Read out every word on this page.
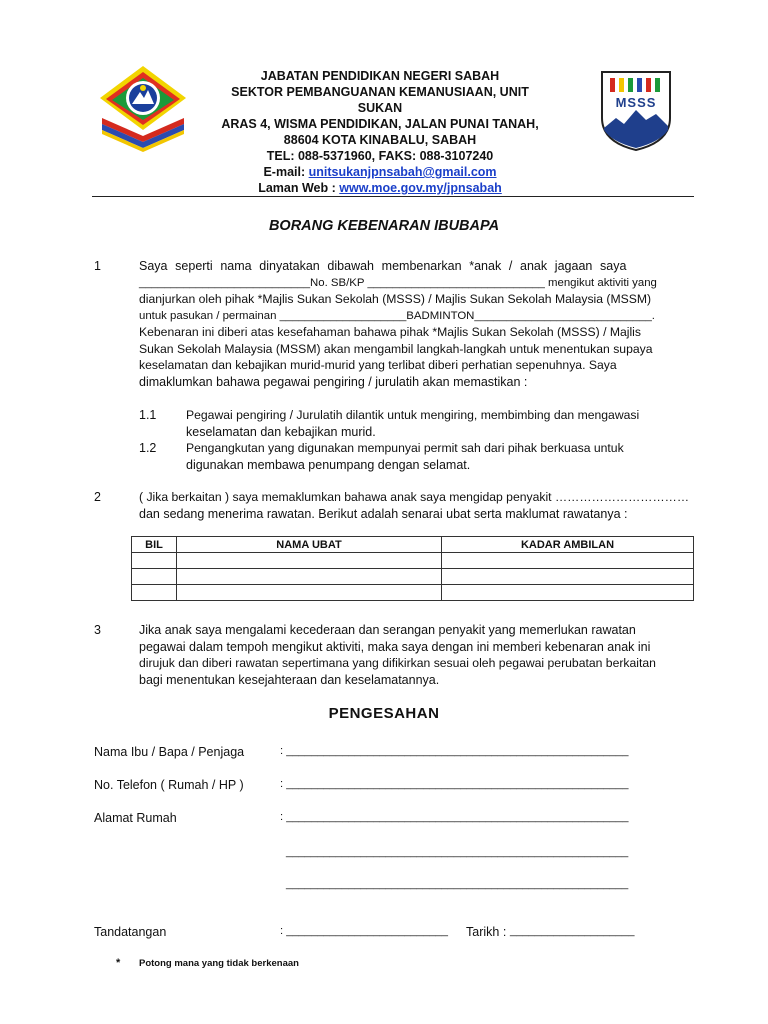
MSSS
JABATAN PENDIDIKAN NEGERI SABAH
SEKTOR PEMBANGUANAN KEMANUSIAAN, UNIT SUKAN
ARAS 4, WISMA PENDIDIKAN, JALAN PUNAI TANAH,
88604 KOTA KINABALU, SABAH
TEL: 088-5371960, FAKS: 088-3107240
E-mail: unitsukanjpnsabah@gmail.com
Laman Web : www.moe.gov.my/jpnsabah
BORANG KEBENARAN IBUBAPA
1	Saya seperti nama dinyatakan dibawah membenarkan *anak / anak jagaan saya
___________________________No. SB/KP ____________________________ mengikut aktiviti yang
dianjurkan oleh pihak *Majlis Sukan Sekolah (MSSS) / Majlis Sukan Sekolah Malaysia (MSSM)
untuk pasukan / permainan ____________________BADMINTON____________________________.
Kebenaran ini diberi atas kesefahaman bahawa pihak *Majlis Sukan Sekolah (MSSS) / Majlis
Sukan Sekolah Malaysia (MSSM) akan mengambil langkah-langkah untuk menentukan supaya
keselamatan dan kebajikan murid-murid yang terlibat diberi perhatian sepenuhnya. Saya
dimaklumkan bahawa pegawai pengiring / jurulatih akan memastikan :
1.1 Pegawai pengiring / Jurulatih dilantik untuk mengiring, membimbing dan mengawasi
keselamatan dan kebajikan murid.
1.2 Pengangkutan yang digunakan mempunyai permit sah dari pihak berkuasa untuk
digunakan membawa penumpang dengan selamat.
2	( Jika berkaitan ) saya memaklumkan bahawa anak saya mengidap penyakit ……………………………
dan sedang menerima rawatan. Berikut adalah senarai ubat serta maklumat rawatanya :
BIL	NAMA UBAT	KADAR AMBILAN

3	Jika anak saya mengalami kecederaan dan serangan penyakit yang memerlukan rawatan
pegawai dalam tempoh mengikut aktiviti, maka saya dengan ini memberi kebenaran anak ini
dirujuk dan diberi rawatan sepertimana yang difikirkan sesuai oleh pegawai perubatan berkaitan
bagi menentukan kesejahteraan dan keselamatannya.
PENGESAHAN
Nama Ibu / Bapa / Penjaga	: _______________________________________________________
No. Telefon ( Rumah / HP )	: _______________________________________________________
Alamat Rumah	: _______________________________________________________
_______________________________________________________
_______________________________________________________
Tandatangan	: __________________________ Tarikh : ____________________
* Potong mana yang tidak berkenaan
